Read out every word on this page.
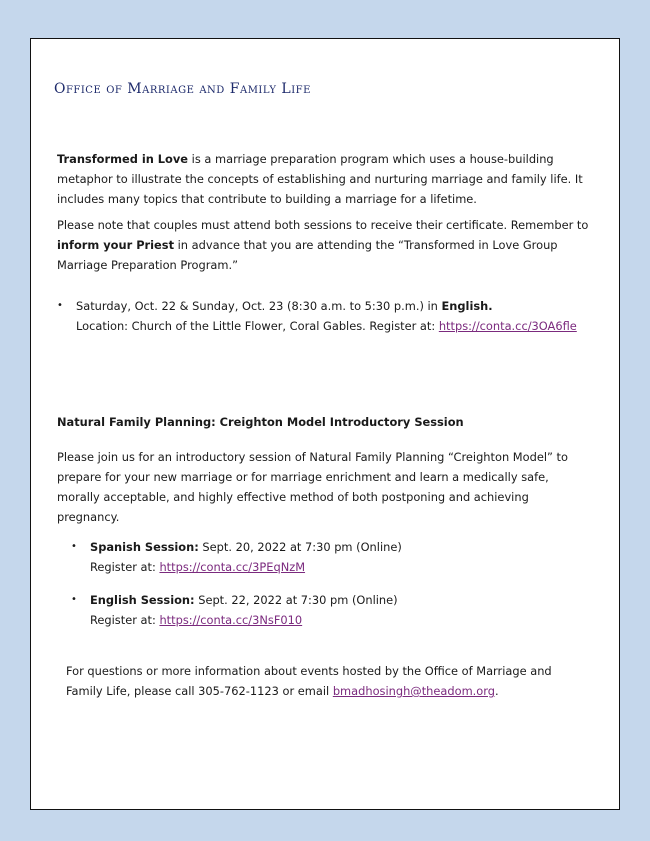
Office of Marriage and Family Life

Transformed in Love is a marriage preparation program which uses a house-building metaphor to illustrate the concepts of establishing and nurturing marriage and family life. It includes many topics that contribute to building a marriage for a lifetime.

Please note that couples must attend both sessions to receive their certificate. Remember to inform your Priest in advance that you are attending the “Transformed in Love Group Marriage Preparation Program.”

• Saturday, Oct. 22 & Sunday, Oct. 23 (8:30 a.m. to 5:30 p.m.) in English.
Location: Church of the Little Flower, Coral Gables. Register at: https://conta.cc/3OA6fle
Natural Family Planning: Creighton Model Introductory Session

Please join us for an introductory session of Natural Family Planning “Creighton Model” to prepare for your new marriage or for marriage enrichment and learn a medically safe, morally acceptable, and highly effective method of both postponing and achieving pregnancy.

• Spanish Session: Sept. 20, 2022 at 7:30 pm (Online)
Register at: https://conta.cc/3PEqNzM
• English Session: Sept. 22, 2022 at 7:30 pm (Online)
Register at: https://conta.cc/3NsF010

For questions or more information about events hosted by the Office of Marriage and Family Life, please call 305-762-1123 or email bmadhosingh@theadom.org.
